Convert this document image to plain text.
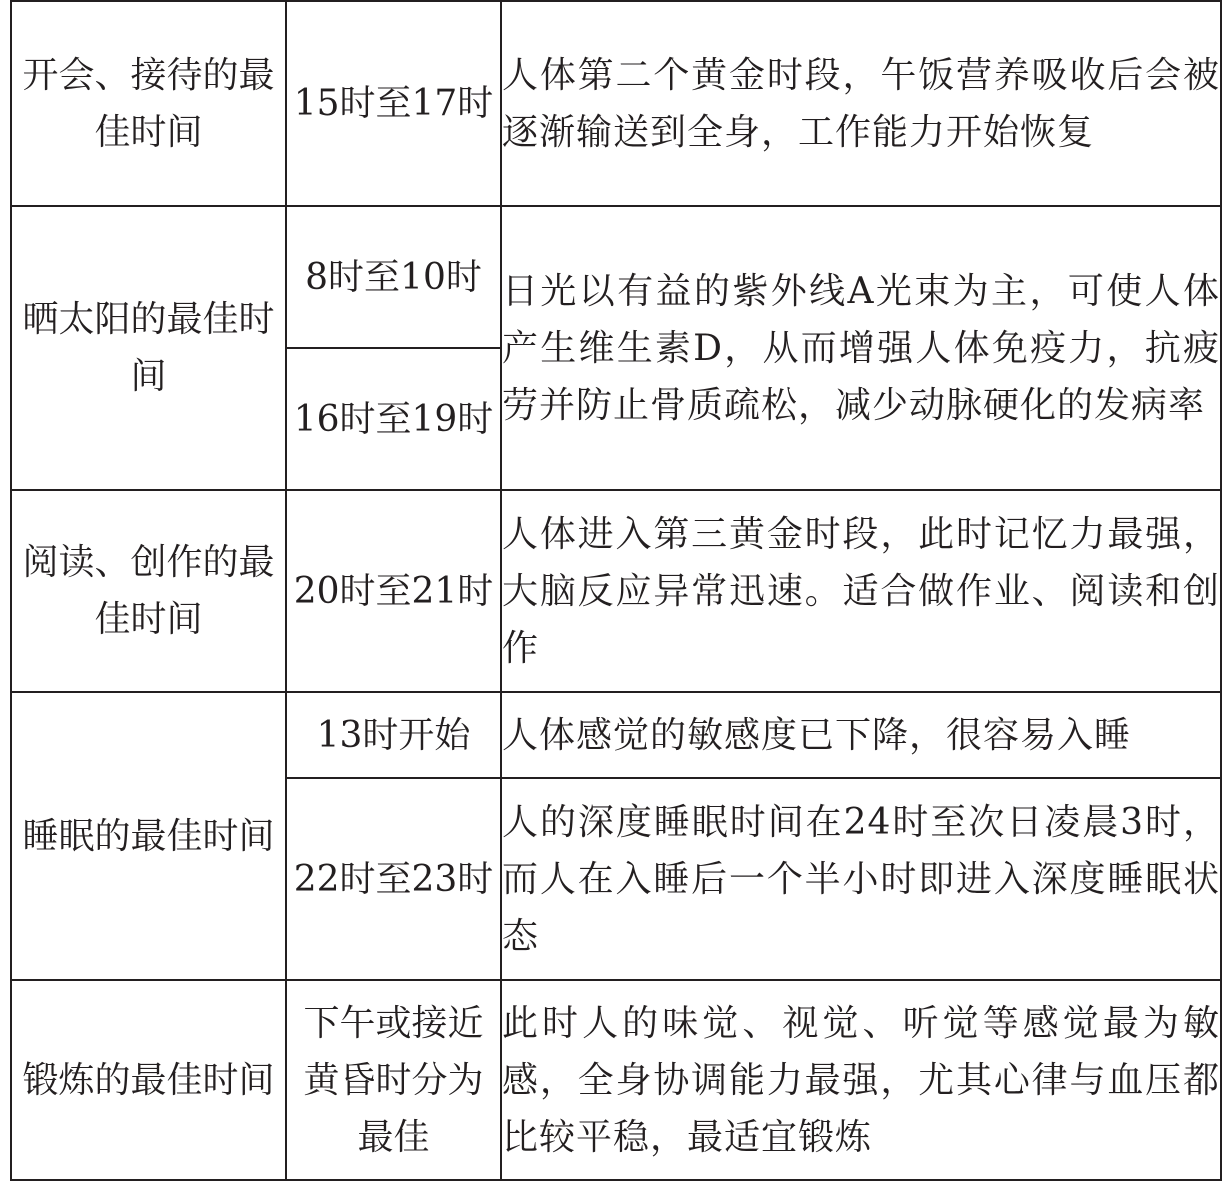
开会、接待的最佳时间	15时至17时	人体第二个黄金时段，午饭营养吸收后会被逐渐输送到全身，工作能力开始恢复
晒太阳的最佳时间	8时至10时	日光以有益的紫外线A光束为主，可使人体产生维生素D，从而增强人体免疫力，抗疲劳并防止骨质疏松，减少动脉硬化的发病率
	16时至19时	
阅读、创作的最佳时间	20时至21时	人体进入第三黄金时段，此时记忆力最强，大脑反应异常迅速。适合做作业、阅读和创作
睡眠的最佳时间	13时开始	人体感觉的敏感度已下降，很容易入睡
	22时至23时	人的深度睡眠时间在24时至次日凌晨3时，而人在入睡后一个半小时即进入深度睡眠状态
锻炼的最佳时间	下午或接近黄昏时分为最佳	此时人的味觉、视觉、听觉等感觉最为敏感，全身协调能力最强，尤其心律与血压都比较平稳，最适宜锻炼
